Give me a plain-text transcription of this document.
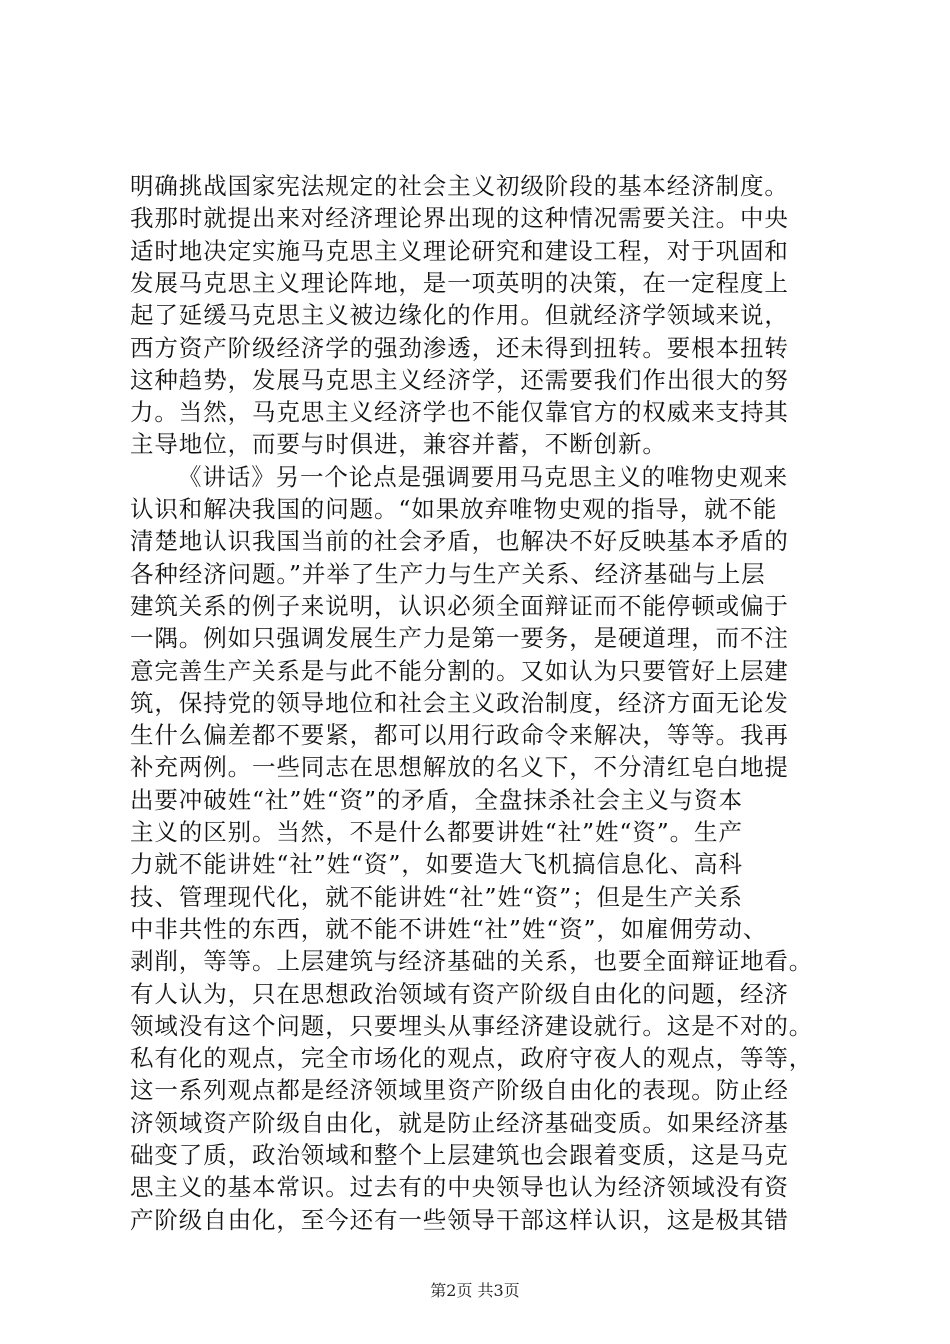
明确挑战国家宪法规定的社会主义初级阶段的基本经济制度。
我那时就提出来对经济理论界出现的这种情况需要关注。中央
适时地决定实施马克思主义理论研究和建设工程，对于巩固和
发展马克思主义理论阵地，是一项英明的决策，在一定程度上
起了延缓马克思主义被边缘化的作用。但就经济学领域来说，
西方资产阶级经济学的强劲渗透，还未得到扭转。要根本扭转
这种趋势，发展马克思主义经济学，还需要我们作出很大的努
力。当然，马克思主义经济学也不能仅靠官方的权威来支持其
主导地位，而要与时俱进，兼容并蓄，不断创新。
《讲话》另一个论点是强调要用马克思主义的唯物史观来
认识和解决我国的问题。“如果放弃唯物史观的指导，就不能
清楚地认识我国当前的社会矛盾，也解决不好反映基本矛盾的
各种经济问题。”并举了生产力与生产关系、经济基础与上层
建筑关系的例子来说明，认识必须全面辩证而不能停顿或偏于
一隅。例如只强调发展生产力是第一要务，是硬道理，而不注
意完善生产关系是与此不能分割的。又如认为只要管好上层建
筑，保持党的领导地位和社会主义政治制度，经济方面无论发
生什么偏差都不要紧，都可以用行政命令来解决，等等。我再
补充两例。一些同志在思想解放的名义下，不分清红皂白地提
出要冲破姓“社”姓“资”的矛盾，全盘抹杀社会主义与资本
主义的区别。当然，不是什么都要讲姓“社”姓“资”。生产
力就不能讲姓“社”姓“资”，如要造大飞机搞信息化、高科
技、管理现代化，就不能讲姓“社”姓“资”；但是生产关系
中非共性的东西，就不能不讲姓“社”姓“资”，如雇佣劳动、
剥削，等等。上层建筑与经济基础的关系，也要全面辩证地看。
有人认为，只在思想政治领域有资产阶级自由化的问题，经济
领域没有这个问题，只要埋头从事经济建设就行。这是不对的。
私有化的观点，完全市场化的观点，政府守夜人的观点，等等，
这一系列观点都是经济领域里资产阶级自由化的表现。防止经
济领域资产阶级自由化，就是防止经济基础变质。如果经济基
础变了质，政治领域和整个上层建筑也会跟着变质，这是马克
思主义的基本常识。过去有的中央领导也认为经济领域没有资
产阶级自由化，至今还有一些领导干部这样认识，这是极其错
第2页 共3页
